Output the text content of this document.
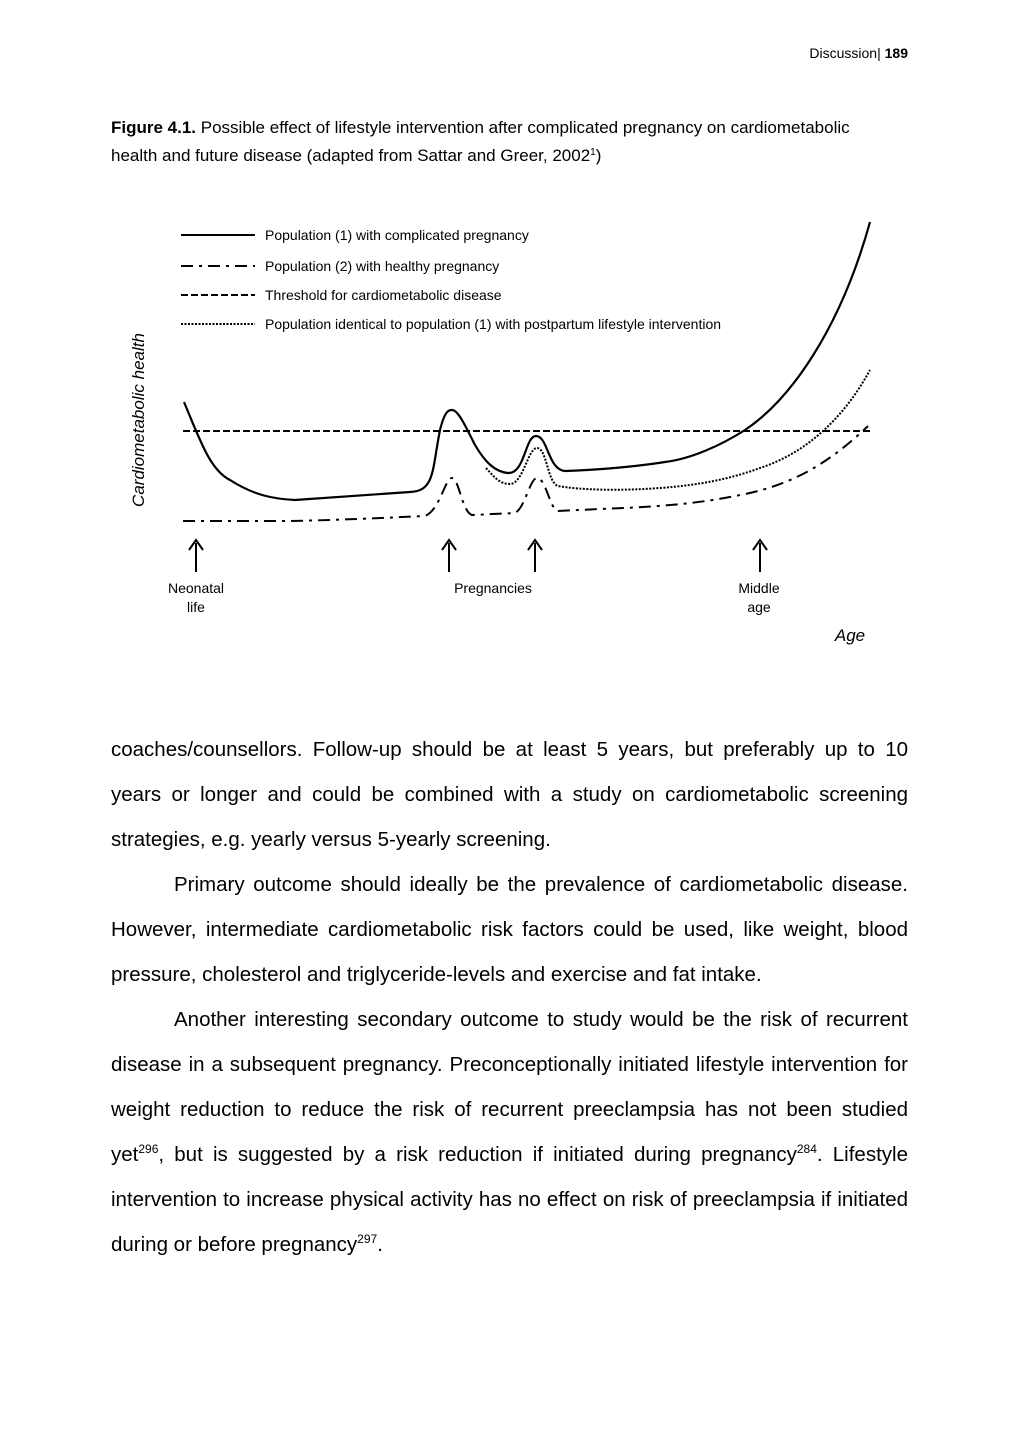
Discussion| 189
Figure 4.1. Possible effect of lifestyle intervention after complicated pregnancy on cardiometabolic health and future disease (adapted from Sattar and Greer, 2002$^1$)
Population (1) with complicated pregnancy
Population (2) with healthy pregnancy
Threshold for cardiometabolic disease
Population identical to population (1) with postpartum lifestyle intervention
Cardiometabolic health
Neonatal
life
Pregnancies	Middle
age
Age

coaches/counsellors. Follow-up should be at least 5 years, but preferably up to 10 years or longer and could be combined with a study on cardiometabolic screening strategies, e.g. yearly versus 5-yearly screening.

Primary outcome should ideally be the prevalence of cardiometabolic disease. However, intermediate cardiometabolic risk factors could be used, like weight, blood pressure, cholesterol and triglyceride-levels and exercise and fat intake.

Another interesting secondary outcome to study would be the risk of recurrent disease in a subsequent pregnancy. Preconceptionally initiated lifestyle intervention for weight reduction to reduce the risk of recurrent preeclampsia has not been studied yet$^{296}$, but is suggested by a risk reduction if initiated during pregnancy$^{284}$. Lifestyle intervention to increase physical activity has no effect on risk of preeclampsia if initiated during or before pregnancy$^{297}$.
